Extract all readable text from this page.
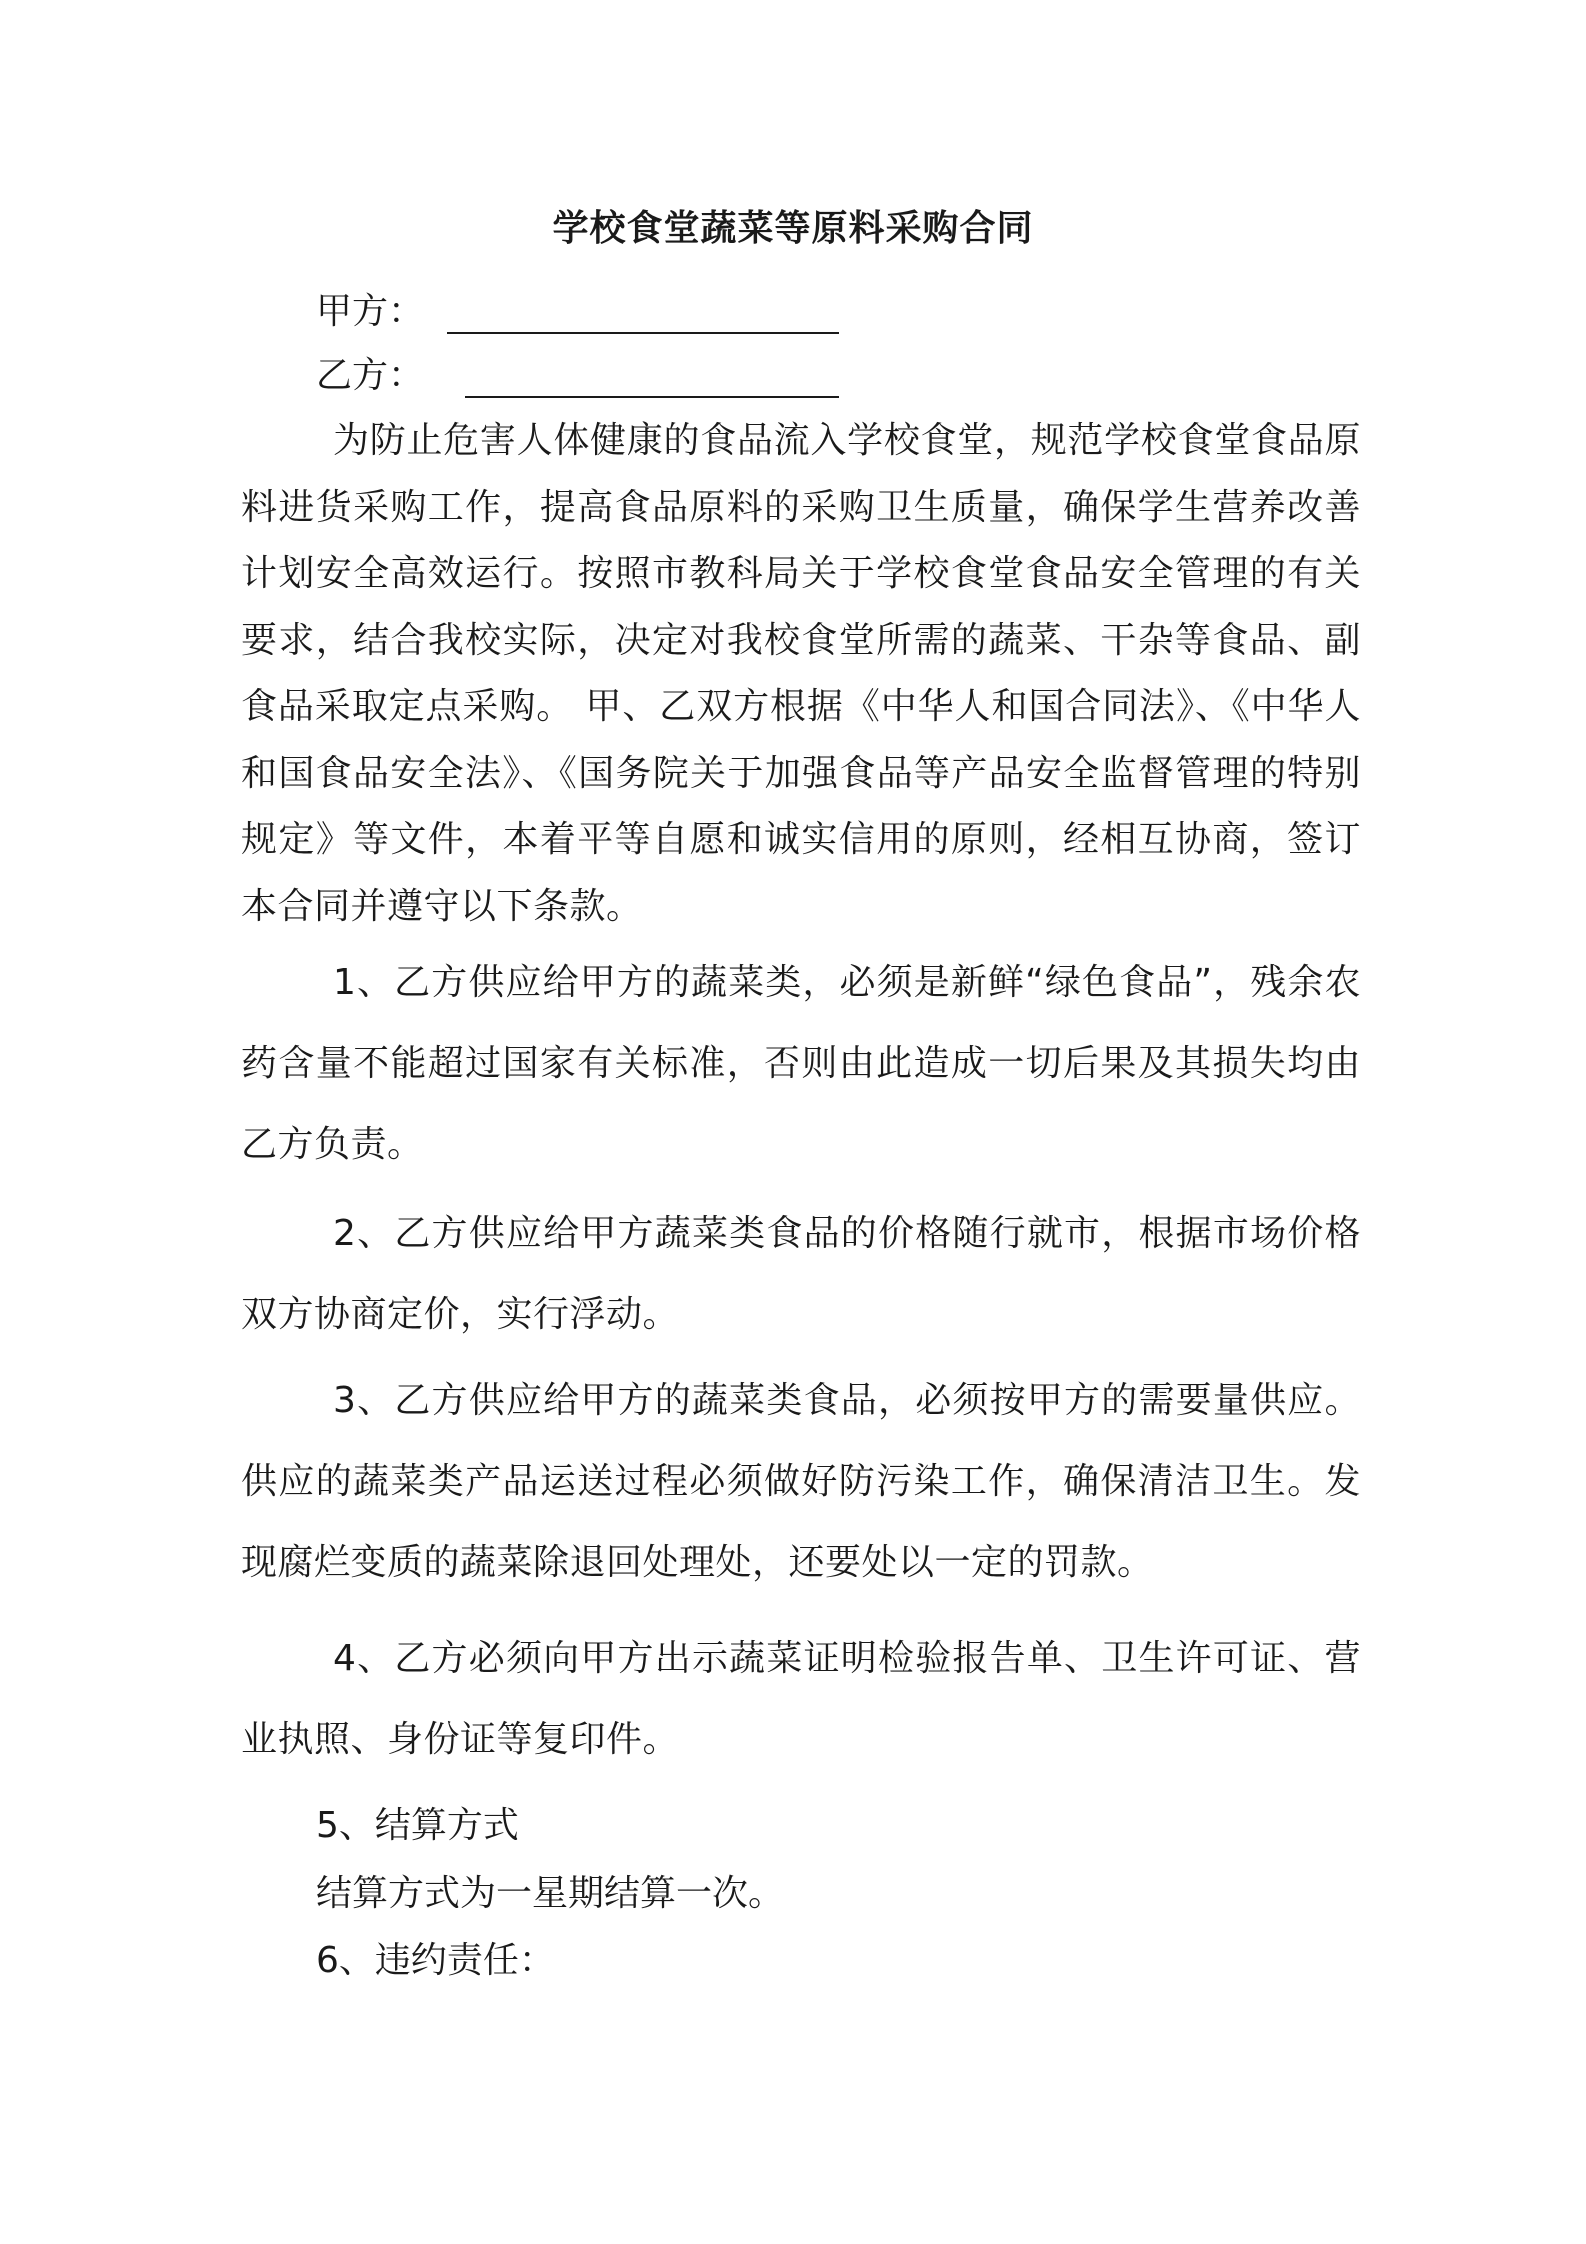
学校食堂蔬菜等原料采购合同
甲方：
乙方：
为防止危害人体健康的食品流入学校食堂，规范学校食堂食品原料进货采购工作，提高食品原料的采购卫生质量，确保学生营养改善计划安全高效运行。按照市教科局关于学校食堂食品安全管理的有关要求，结合我校实际，决定对我校食堂所需的蔬菜、干杂等食品、副食品采取定点采购。 甲、乙双方根据《中华人和国合同法》、《中华人和国食品安全法》、《国务院关于加强食品等产品安全监督管理的特别规定》等文件，本着平等自愿和诚实信用的原则，经相互协商，签订本合同并遵守以下条款。
1、乙方供应给甲方的蔬菜类，必须是新鲜“绿色食品”，残余农药含量不能超过国家有关标准，否则由此造成一切后果及其损失均由乙方负责。
2、乙方供应给甲方蔬菜类食品的价格随行就市，根据市场价格双方协商定价，实行浮动。
3、乙方供应给甲方的蔬菜类食品，必须按甲方的需要量供应。供应的蔬菜类产品运送过程必须做好防污染工作，确保清洁卫生。发现腐烂变质的蔬菜除退回处理处，还要处以一定的罚款。
4、乙方必须向甲方出示蔬菜证明检验报告单、卫生许可证、营业执照、身份证等复印件。
5、结算方式
结算方式为一星期结算一次。
6、违约责任：
